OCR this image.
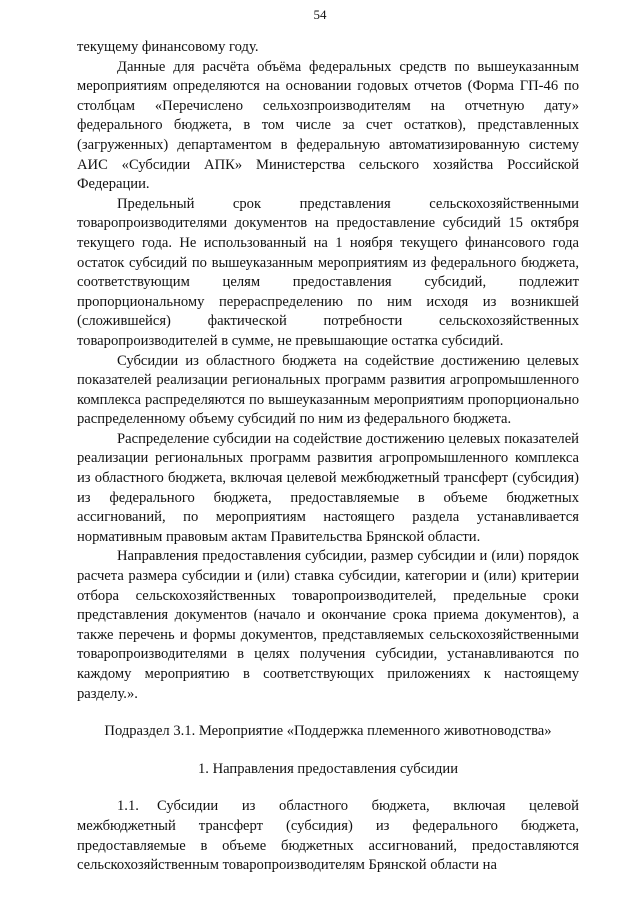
54

текущему финансовому году.

Данные для расчёта объёма федеральных средств по вышеуказанным мероприятиям определяются на основании годовых отчетов (Форма ГП-46 по столбцам «Перечислено сельхозпроизводителям на отчетную дату» федерального бюджета, в том числе за счет остатков), представленных (загруженных) департаментом в федеральную автоматизированную систему АИС «Субсидии АПК» Министерства сельского хозяйства Российской Федерации.

Предельный срок представления сельскохозяйственными товаропроизводителями документов на предоставление субсидий 15 октября текущего года. Не использованный на 1 ноября текущего финансового года остаток субсидий по вышеуказанным мероприятиям из федерального бюджета, соответствующим целям предоставления субсидий, подлежит пропорциональному перераспределению по ним исходя из возникшей (сложившейся) фактической потребности сельскохозяйственных товаропроизводителей в сумме, не превышающие остатка субсидий.

Субсидии из областного бюджета на содействие достижению целевых показателей реализации региональных программ развития агропромышленного комплекса распределяются по вышеуказанным мероприятиям пропорционально распределенному объему субсидий по ним из федерального бюджета.

Распределение субсидии на содействие достижению целевых показателей реализации региональных программ развития агропромышленного комплекса из областного бюджета, включая целевой межбюджетный трансферт (субсидия) из федерального бюджета, предоставляемые в объеме бюджетных ассигнований, по мероприятиям настоящего раздела устанавливается нормативным правовым актам Правительства Брянской области.

Направления предоставления субсидии, размер субсидии и (или) порядок расчета размера субсидии и (или) ставка субсидии, категории и (или) критерии отбора сельскохозяйственных товаропроизводителей, предельные сроки представления документов (начало и окончание срока приема документов), а также перечень и формы документов, представляемых сельскохозяйственными товаропроизводителями в целях получения субсидии, устанавливаются по каждому мероприятию в соответствующих приложениях к настоящему разделу.».

Подраздел 3.1. Мероприятие «Поддержка племенного животноводства»
1. Направления предоставления субсидии

1.1. Субсидии из областного бюджета, включая целевой межбюджетный трансферт (субсидия) из федерального бюджета, предоставляемые в объеме бюджетных ассигнований, предоставляются сельскохозяйственным товаропроизводителям Брянской области на
